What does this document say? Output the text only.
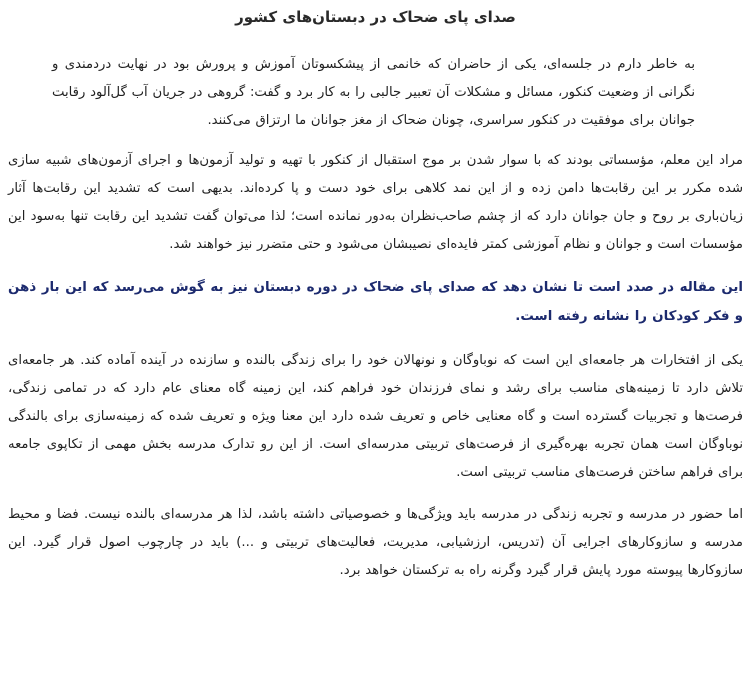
صدای پای ضحاک در دبستان‌های کشور

به خاطر دارم در جلسه‌ای، یکی از حاضران که خانمی از پیشکسوتان آموزش و پرورش بود در نهایت دردمندی و نگرانی از وضعیت کنکور، مسائل و مشکلات آن تعبیر جالبی را به کار برد و گفت: گروهی در جریان آب گل‌آلود رقابت جوانان برای موفقیت در کنکور سراسری، چونان ضحاک از مغز جوانان ما ارتزاق می‌کنند.

مراد این معلم، مؤسساتی بودند که با سوار شدن بر موج استقبال از کنکور با تهیه و تولید آزمون‌ها و اجرای آزمون‌های شبیه سازی شده مکرر بر این رقابت‌ها دامن زده و از این نمد کلاهی برای خود دست و پا کرده‌اند. بدیهی است که تشدید این رقابت‌ها آثار زیان‌باری بر روح و جان جوانان دارد که از چشم صاحب‌نظران به‌دور نمانده است؛ لذا می‌توان گفت تشدید این رقابت تنها به‌سود این مؤسسات است و جوانان و نظام آموزشی کمتر فایده‌ای نصیبشان می‌شود و حتی متضرر نیز خواهند شد.

این مقاله در صدد است تا نشان دهد که صدای پای ضحاک در دوره دبستان نیز به گوش می‌رسد که این بار ذهن و فکر کودکان را نشانه رفته است.

یکی از افتخارات هر جامعه‌ای این است که نوباوگان و نونهالان خود را برای زندگی بالنده و سازنده در آینده آماده کند. هر جامعه‌ای تلاش دارد تا زمینه‌های مناسب برای رشد و نمای فرزندان خود فراهم کند، این زمینه گاه معنای عام دارد که در تمامی زندگی، فرصت‌ها و تجربیات گسترده است و گاه معنایی خاص و تعریف شده دارد این معنا ویژه و تعریف شده که زمینه‌سازی برای بالندگی نوباوگان است همان تجربه بهره‌گیری از فرصت‌های تربیتی مدرسه‌ای است. از این رو تدارک مدرسه بخش مهمی از تکاپوی جامعه برای فراهم ساختن فرصت‌های مناسب تربیتی است.

اما حضور در مدرسه و تجربه زندگی در مدرسه باید ویژگی‌ها و خصوصیاتی داشته باشد، لذا هر مدرسه‌ای بالنده نیست. فضا و محیط مدرسه و سازوکارهای اجرایی آن (تدریس، ارزشیابی، مدیریت، فعالیت‌های تربیتی و ...) باید در چارچوب اصول قرار گیرد. این سازوکارها پیوسته مورد پایش قرار گیرد وگرنه راه به ترکستان خواهد برد.
